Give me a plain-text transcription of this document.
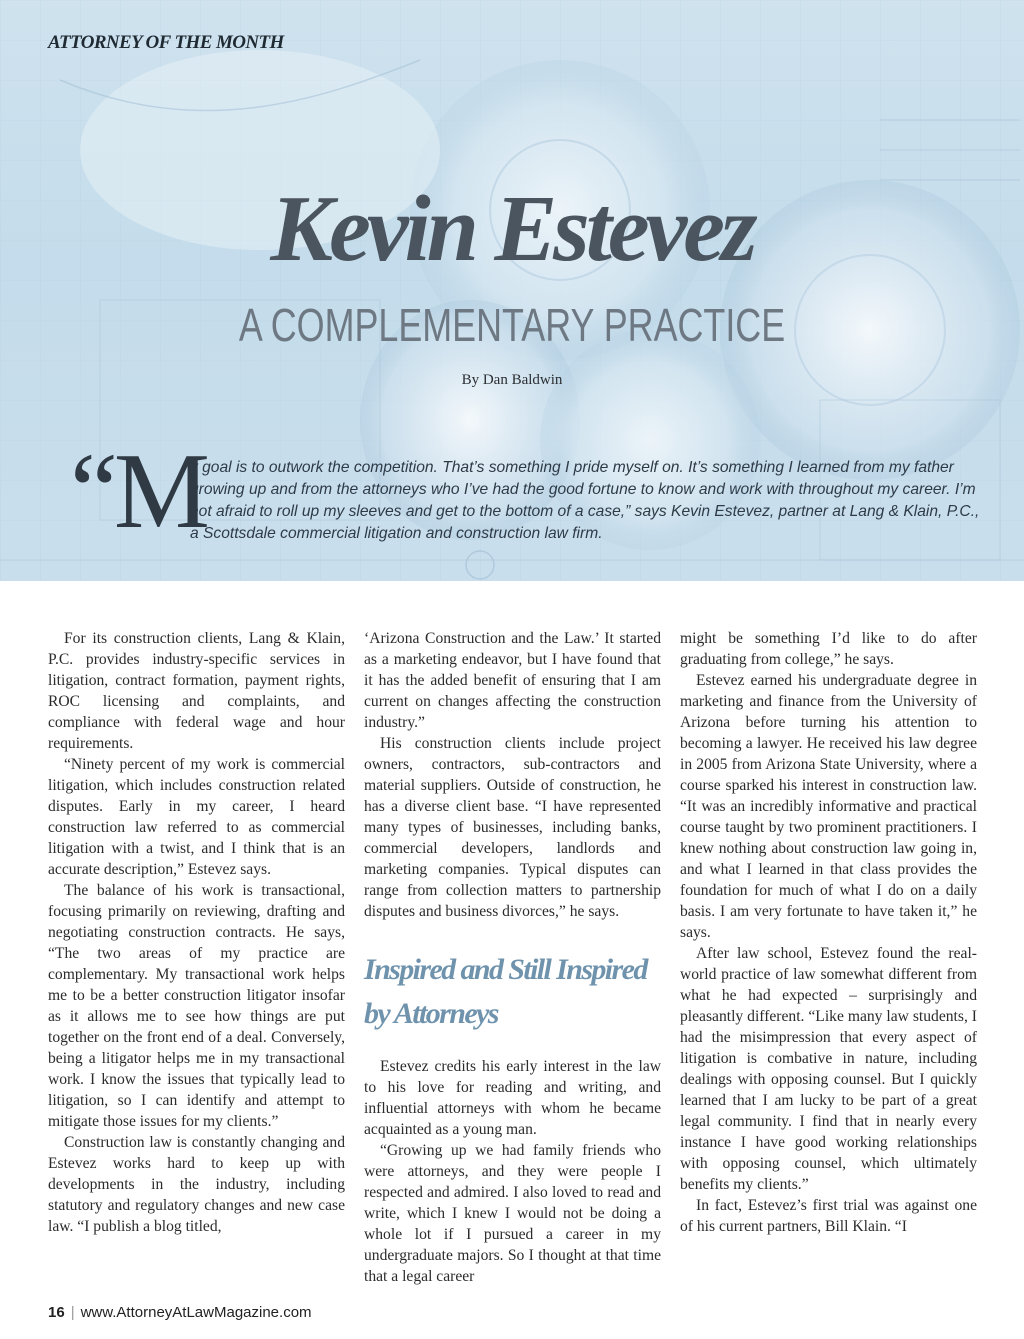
ATTORNEY OF THE MONTH
Kevin Estevez
A COMPLEMENTARY PRACTICE
By Dan Baldwin
“M

y goal is to outwork the competition. That’s something I pride myself on. It’s something I learned from my father growing up and from the attorneys who I’ve had the good fortune to know and work with throughout my career. I’m not afraid to roll up my sleeves and get to the bottom of a case,” says Kevin Estevez, partner at Lang & Klain, P.C., a Scottsdale commercial litigation and construction law firm.

For its construction clients, Lang & Klain, P.C. provides industry-specific services in litigation, contract formation, payment rights, ROC licensing and complaints, and compliance with federal wage and hour requirements.

“Ninety percent of my work is commercial litigation, which includes construction related disputes. Early in my career, I heard construction law referred to as commercial litigation with a twist, and I think that is an accurate description,” Estevez says.

The balance of his work is transactional, focusing primarily on reviewing, drafting and negotiating construction contracts. He says, “The two areas of my practice are complementary. My transactional work helps me to be a better construction litigator insofar as it allows me to see how things are put together on the front end of a deal. Conversely, being a litigator helps me in my transactional work. I know the issues that typically lead to litigation, so I can identify and attempt to mitigate those issues for my clients.”

Construction law is constantly changing and Estevez works hard to keep up with developments in the industry, including statutory and regulatory changes and new case law. “I publish a blog titled,

‘Arizona Construction and the Law.’ It started as a marketing endeavor, but I have found that it has the added benefit of ensuring that I am current on changes affecting the construction industry.”

His construction clients include project owners, contractors, sub-contractors and material suppliers. Outside of construction, he has a diverse client base. “I have represented many types of businesses, including banks, commercial developers, landlords and marketing companies. Typical disputes can range from collection matters to partnership disputes and business divorces,” he says.

Inspired and Still Inspired by Attorneys

Estevez credits his early interest in the law to his love for reading and writing, and influential attorneys with whom he became acquainted as a young man.

“Growing up we had family friends who were attorneys, and they were people I respected and admired. I also loved to read and write, which I knew I would not be doing a whole lot if I pursued a career in my undergraduate majors. So I thought at that time that a legal career

might be something I’d like to do after graduating from college,” he says.

Estevez earned his undergraduate degree in marketing and finance from the University of Arizona before turning his attention to becoming a lawyer. He received his law degree in 2005 from Arizona State University, where a course sparked his interest in construction law. “It was an incredibly informative and practical course taught by two prominent practitioners. I knew nothing about construction law going in, and what I learned in that class provides the foundation for much of what I do on a daily basis. I am very fortunate to have taken it,” he says.

After law school, Estevez found the real-world practice of law somewhat different from what he had expected – surprisingly and pleasantly different. “Like many law students, I had the misimpression that every aspect of litigation is combative in nature, including dealings with opposing counsel. But I quickly learned that I am lucky to be part of a great legal community. I find that in nearly every instance I have good working relationships with opposing counsel, which ultimately benefits my clients.”

In fact, Estevez’s first trial was against one of his current partners, Bill Klain. “I

16 | www.AttorneyAtLawMagazine.com
